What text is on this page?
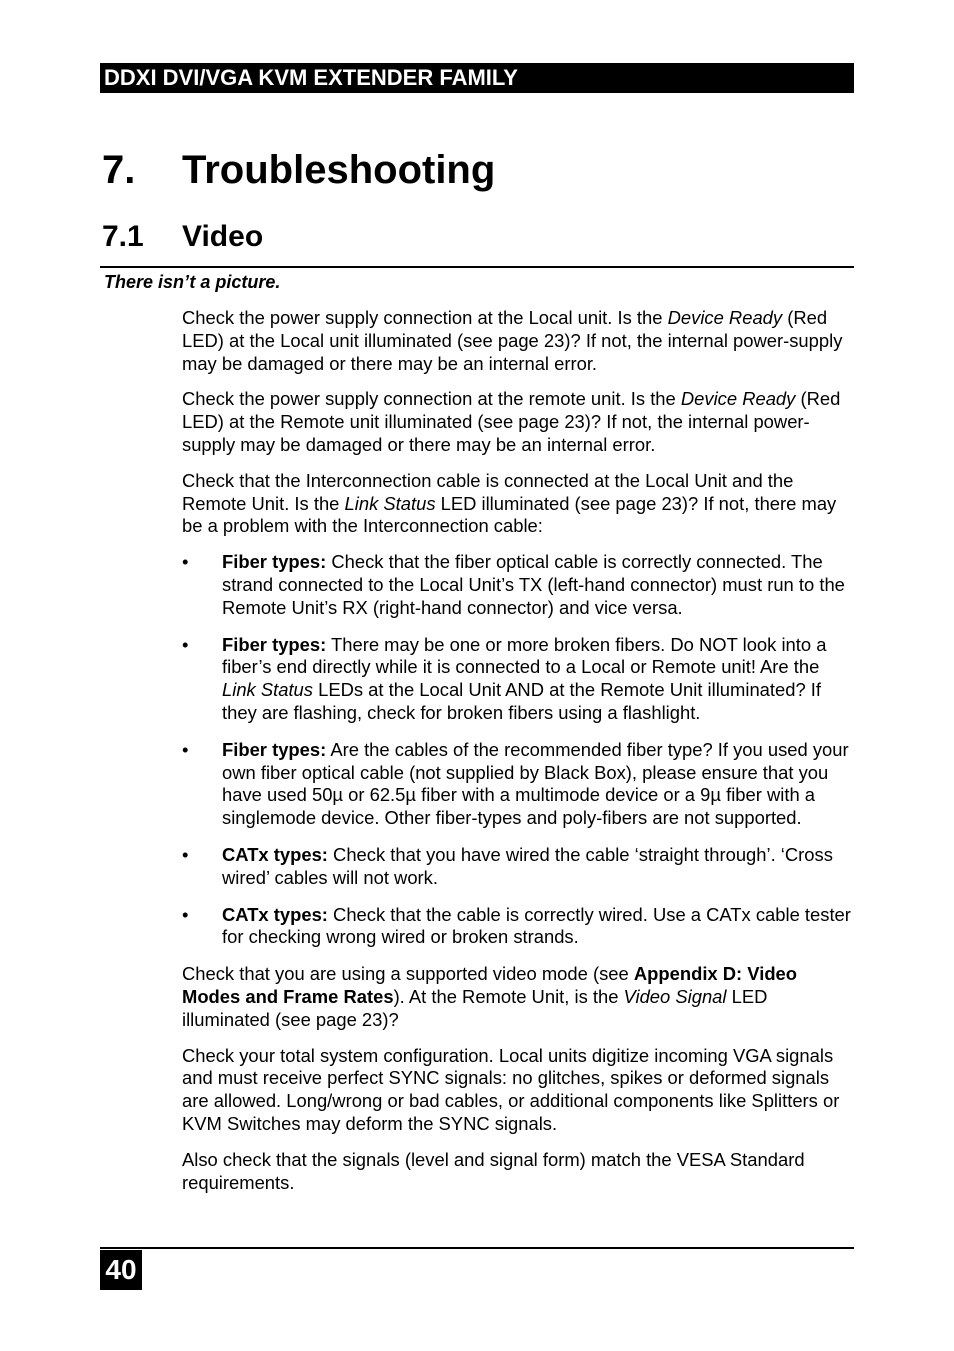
DDXI DVI/VGA KVM EXTENDER FAMILY
7. Troubleshooting
7.1 Video
There isn’t a picture.

Check the power supply connection at the Local unit. Is the Device Ready (Red LED) at the Local unit illuminated (see page 23)? If not, the internal power-supply may be damaged or there may be an internal error.

Check the power supply connection at the remote unit. Is the Device Ready (Red LED) at the Remote unit illuminated (see page 23)? If not, the internal power-supply may be damaged or there may be an internal error.

Check that the Interconnection cable is connected at the Local Unit and the Remote Unit. Is the Link Status LED illuminated (see page 23)? If not, there may be a problem with the Interconnection cable:

• Fiber types: Check that the fiber optical cable is correctly connected. The strand connected to the Local Unit’s TX (left-hand connector) must run to the Remote Unit’s RX (right-hand connector) and vice versa.
• Fiber types: There may be one or more broken fibers. Do NOT look into a fiber’s end directly while it is connected to a Local or Remote unit! Are the Link Status LEDs at the Local Unit AND at the Remote Unit illuminated? If they are flashing, check for broken fibers using a flashlight.
• Fiber types: Are the cables of the recommended fiber type? If you used your own fiber optical cable (not supplied by Black Box), please ensure that you have used 50µ or 62.5µ fiber with a multimode device or a 9µ fiber with a singlemode device. Other fiber-types and poly-fibers are not supported.
• CATx types: Check that you have wired the cable ‘straight through’. ‘Cross wired’ cables will not work.
• CATx types: Check that the cable is correctly wired. Use a CATx cable tester for checking wrong wired or broken strands.

Check that you are using a supported video mode (see Appendix D: Video Modes and Frame Rates). At the Remote Unit, is the Video Signal LED illuminated (see page 23)?

Check your total system configuration. Local units digitize incoming VGA signals and must receive perfect SYNC signals: no glitches, spikes or deformed signals are allowed. Long/wrong or bad cables, or additional components like Splitters or KVM Switches may deform the SYNC signals.

Also check that the signals (level and signal form) match the VESA Standard requirements.

40
